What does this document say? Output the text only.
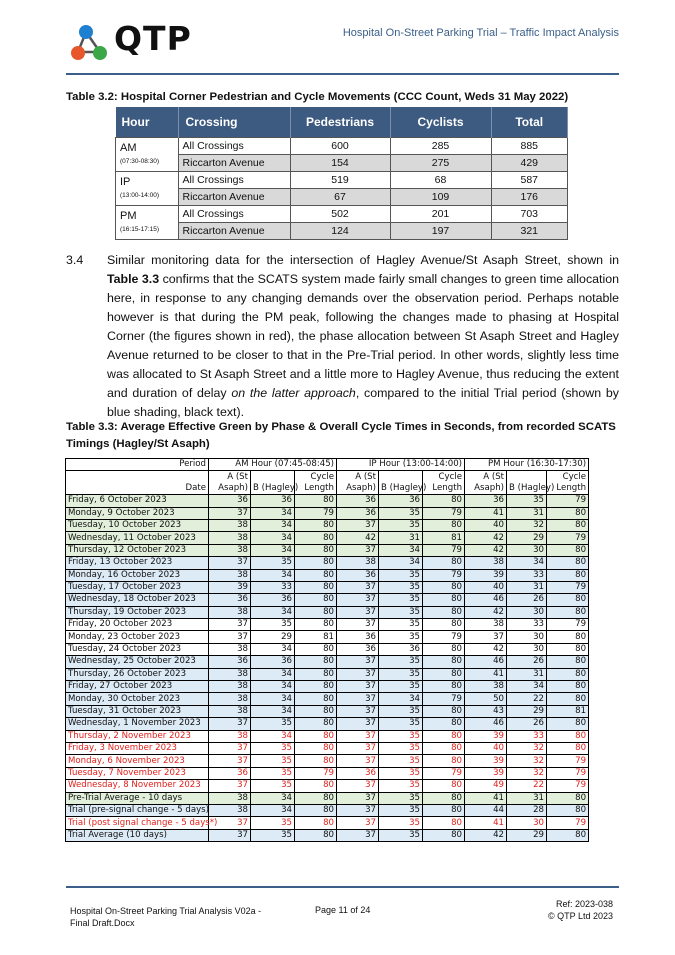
QTP	Hospital On-Street Parking Trial – Traffic Impact Analysis
Table 3.2: Hospital Corner Pedestrian and Cycle Movements (CCC Count, Weds 31 May 2022)
Hour	Crossing	Pedestrians	Cyclists	Total

AM
(07:30-08:30)	All Crossings	600	285	885
	Riccarton Avenue	154	275	429

IP
(13:00-14:00)	All Crossings	519	68	587
	Riccarton Avenue	67	109	176

PM
(16:15-17:15)	All Crossings	502	201	703
	Riccarton Avenue	124	197	321
3.4 Similar monitoring data for the intersection of Hagley Avenue/St Asaph Street, shown in Table 3.3 confirms that the SCATS system made fairly small changes to green time allocation here, in response to any changing demands over the observation period. Perhaps notable however is that during the PM peak, following the changes made to phasing at Hospital Corner (the figures shown in red), the phase allocation between St Asaph Street and Hagley Avenue returned to be closer to that in the Pre-Trial period. In other words, slightly less time was allocated to St Asaph Street and a little more to Hagley Avenue, thus reducing the extent and duration of delay on the latter approach, compared to the initial Trial period (shown by blue shading, black text).
Table 3.3: Average Effective Green by Phase & Overall Cycle Times in Seconds, from recorded SCATS Timings (Hagley/St Asaph)
Period	AM Hour (07:45-08:45)			IP Hour (13:00-14:00)			PM Hour (16:30-17:30)		
	A (St		Cycle	A (St		Cycle	A (St		Cycle
Date	Asaph)	B (Hagley)	Length	Asaph)	B (Hagley)	Length	Asaph)	B (Hagley)	Length
Friday, 6 October 2023	36	36	80	36	36	80	36	35	79
Monday, 9 October 2023	37	34	79	36	35	79	41	31	80
Tuesday, 10 October 2023	38	34	80	37	35	80	40	32	80
Wednesday, 11 October 2023	38	34	80	42	31	81	42	29	79
Thursday, 12 October 2023	38	34	80	37	34	79	42	30	80
Friday, 13 October 2023	37	35	80	38	34	80	38	34	80
Monday, 16 October 2023	38	34	80	36	35	79	39	33	80
Tuesday, 17 October 2023	39	33	80	37	35	80	40	31	79
Wednesday, 18 October 2023	36	36	80	37	35	80	46	26	80
Thursday, 19 October 2023	38	34	80	37	35	80	42	30	80
Friday, 20 October 2023	37	35	80	37	35	80	38	33	79
Monday, 23 October 2023	37	29	81	36	35	79	37	30	80
Tuesday, 24 October 2023	38	34	80	36	36	80	42	30	80
Wednesday, 25 October 2023	36	36	80	37	35	80	46	26	80
Thursday, 26 October 2023	38	34	80	37	35	80	41	31	80
Friday, 27 October 2023	38	34	80	37	35	80	38	34	80
Monday, 30 October 2023	38	34	80	37	34	79	50	22	80
Tuesday, 31 October 2023	38	34	80	37	35	80	43	29	81
Wednesday, 1 November 2023	37	35	80	37	35	80	46	26	80
Thursday, 2 November 2023	38	34	80	37	35	80	39	33	80
Friday, 3 November 2023	37	35	80	37	35	80	40	32	80
Monday, 6 November 2023	37	35	80	37	35	80	39	32	79
Tuesday, 7 November 2023	36	35	79	36	35	79	39	32	79
Wednesday, 8 November 2023	37	35	80	37	35	80	49	22	79
Pre-Trial Average - 10 days	38	34	80	37	35	80	41	31	80
Trial (pre-signal change - 5 days)	38	34	80	37	35	80	44	28	80
Trial (post signal change - 5 days*)	37	35	80	37	35	80	41	30	79
Trial Average (10 days)	37	35	80	37	35	80	42	29	80
Hospital On-Street Parking Trial Analysis V02a -
Final Draft.Docx
Page 11 of 24
Ref: 2023-038
© QTP Ltd 2023
